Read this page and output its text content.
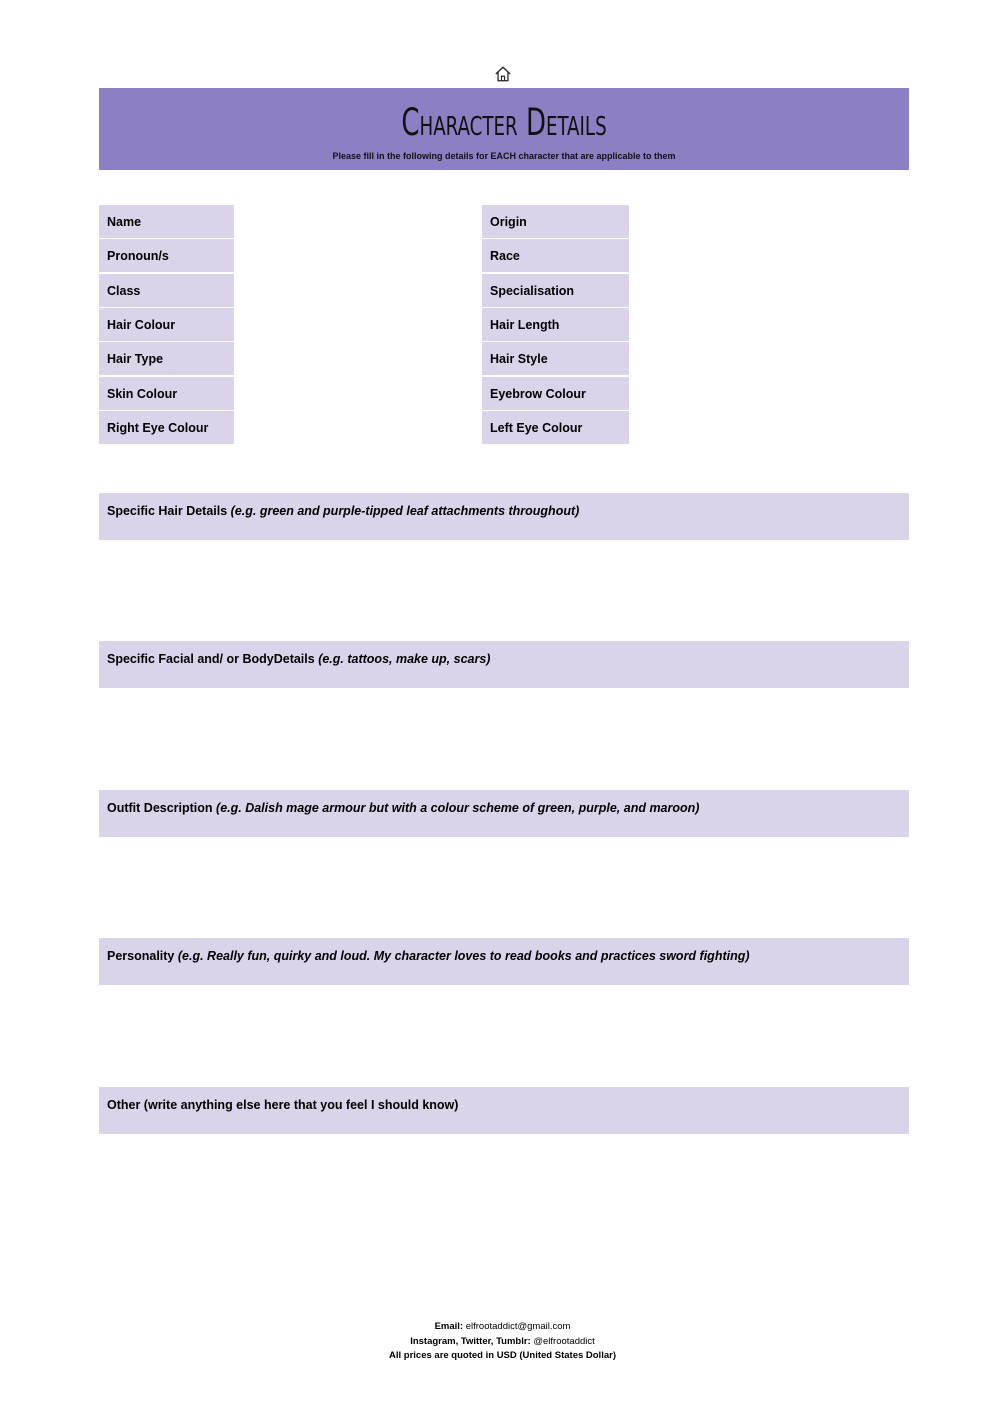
Character Details
Please fill in the following details for EACH character that are applicable to them
Name
Pronoun/s
Class
Hair Colour
Hair Type
Skin Colour
Right Eye Colour
Origin
Race
Specialisation
Hair Length
Hair Style
Eyebrow Colour
Left Eye Colour
Specific Hair Details (e.g. green and purple-tipped leaf attachments throughout)
Specific Facial and/ or BodyDetails (e.g. tattoos, make up, scars)
Outfit Description (e.g. Dalish mage armour but with a colour scheme of green, purple, and maroon)
Personality (e.g. Really fun, quirky and loud. My character loves to read books and practices sword fighting)
Other (write anything else here that you feel I should know)
Email: elfrootaddict@gmail.com
Instagram, Twitter, Tumblr: @elfrootaddict
All prices are quoted in USD (United States Dollar)
